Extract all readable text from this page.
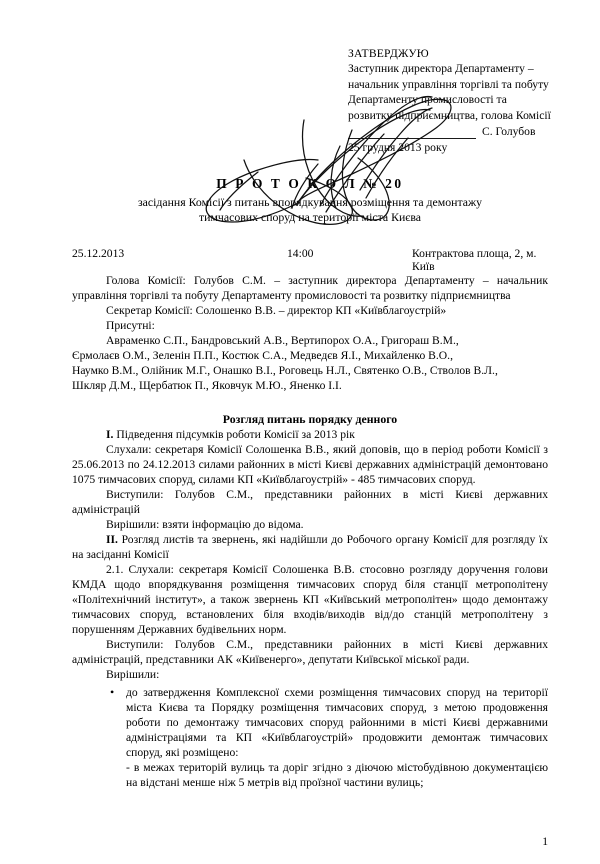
ЗАТВЕРДЖУЮ
Заступник директора Департаменту –
начальник управління торгівлі та побуту
Департаменту промисловості та
розвитку підприємництва, голова Комісії
С. Голубов
25 грудня 2013 року
П Р О Т О К О Л № 20
засідання Комісії з питань впорядкування розміщення та демонтажу
тимчасових споруд на території міста Києва
25.12.2013	14:00	Контрактова площа, 2, м. Київ

Голова Комісії: Голубов С.М. – заступник директора Департаменту – начальник управління торгівлі та побуту Департаменту промисловості та розвитку підприємництва

Секретар Комісії: Солошенко В.В. – директор КП «Київблагоустрій»

Присутні:

Авраменко С.П., Бандровський А.В., Вертипорох О.А., Григораш В.М.,

Єрмолаєв О.М., Зеленін П.П., Костюк С.А., Медведєв Я.І., Михайленко В.О.,

Наумко В.М., Олійник М.Г., Онашко В.І., Роговець Н.Л., Святенко О.В., Стволов В.Л.,

Шкляр Д.М., Щербатюк П., Яковчук М.Ю., Яненко І.І.

Розгляд питань порядку денного

I. Підведення підсумків роботи Комісії за 2013 рік

Слухали: секретаря Комісії Солошенка В.В., який доповів, що в період роботи Комісії з 25.06.2013 по 24.12.2013 силами районних в місті Києві державних адміністрацій демонтовано 1075 тимчасових споруд, силами КП «Київблагоустрій» - 485 тимчасових споруд.

Виступили: Голубов С.М., представники районних в місті Києві державних адміністрацій

Вирішили: взяти інформацію до відома.

II. Розгляд листів та звернень, які надійшли до Робочого органу Комісії для розгляду їх на засіданні Комісії

2.1. Слухали: секретаря Комісії Солошенка В.В. стосовно розгляду доручення голови КМДА щодо впорядкування розміщення тимчасових споруд біля станції метрополітену «Політехнічний інститут», а також звернень КП «Київський метрополітен» щодо демонтажу тимчасових споруд, встановлених біля входів/виходів від/до станцій метрополітену з порушенням Державних будівельних норм.

Виступили: Голубов С.М., представники районних в місті Києві державних адміністрацій, представники АК «Київенерго», депутати Київської міської ради.

Вирішили:

• до затвердження Комплексної схеми розміщення тимчасових споруд на території міста Києва та Порядку розміщення тимчасових споруд, з метою продовження роботи по демонтажу тимчасових споруд районними в місті Києві державними адміністраціями та КП «Київблагоустрій» продовжити демонтаж тимчасових споруд, які розміщено:
- в межах територій вулиць та доріг згідно з діючою містобудівною документацією на відстані менше ніж 5 метрів від проїзної частини вулиць;
1
